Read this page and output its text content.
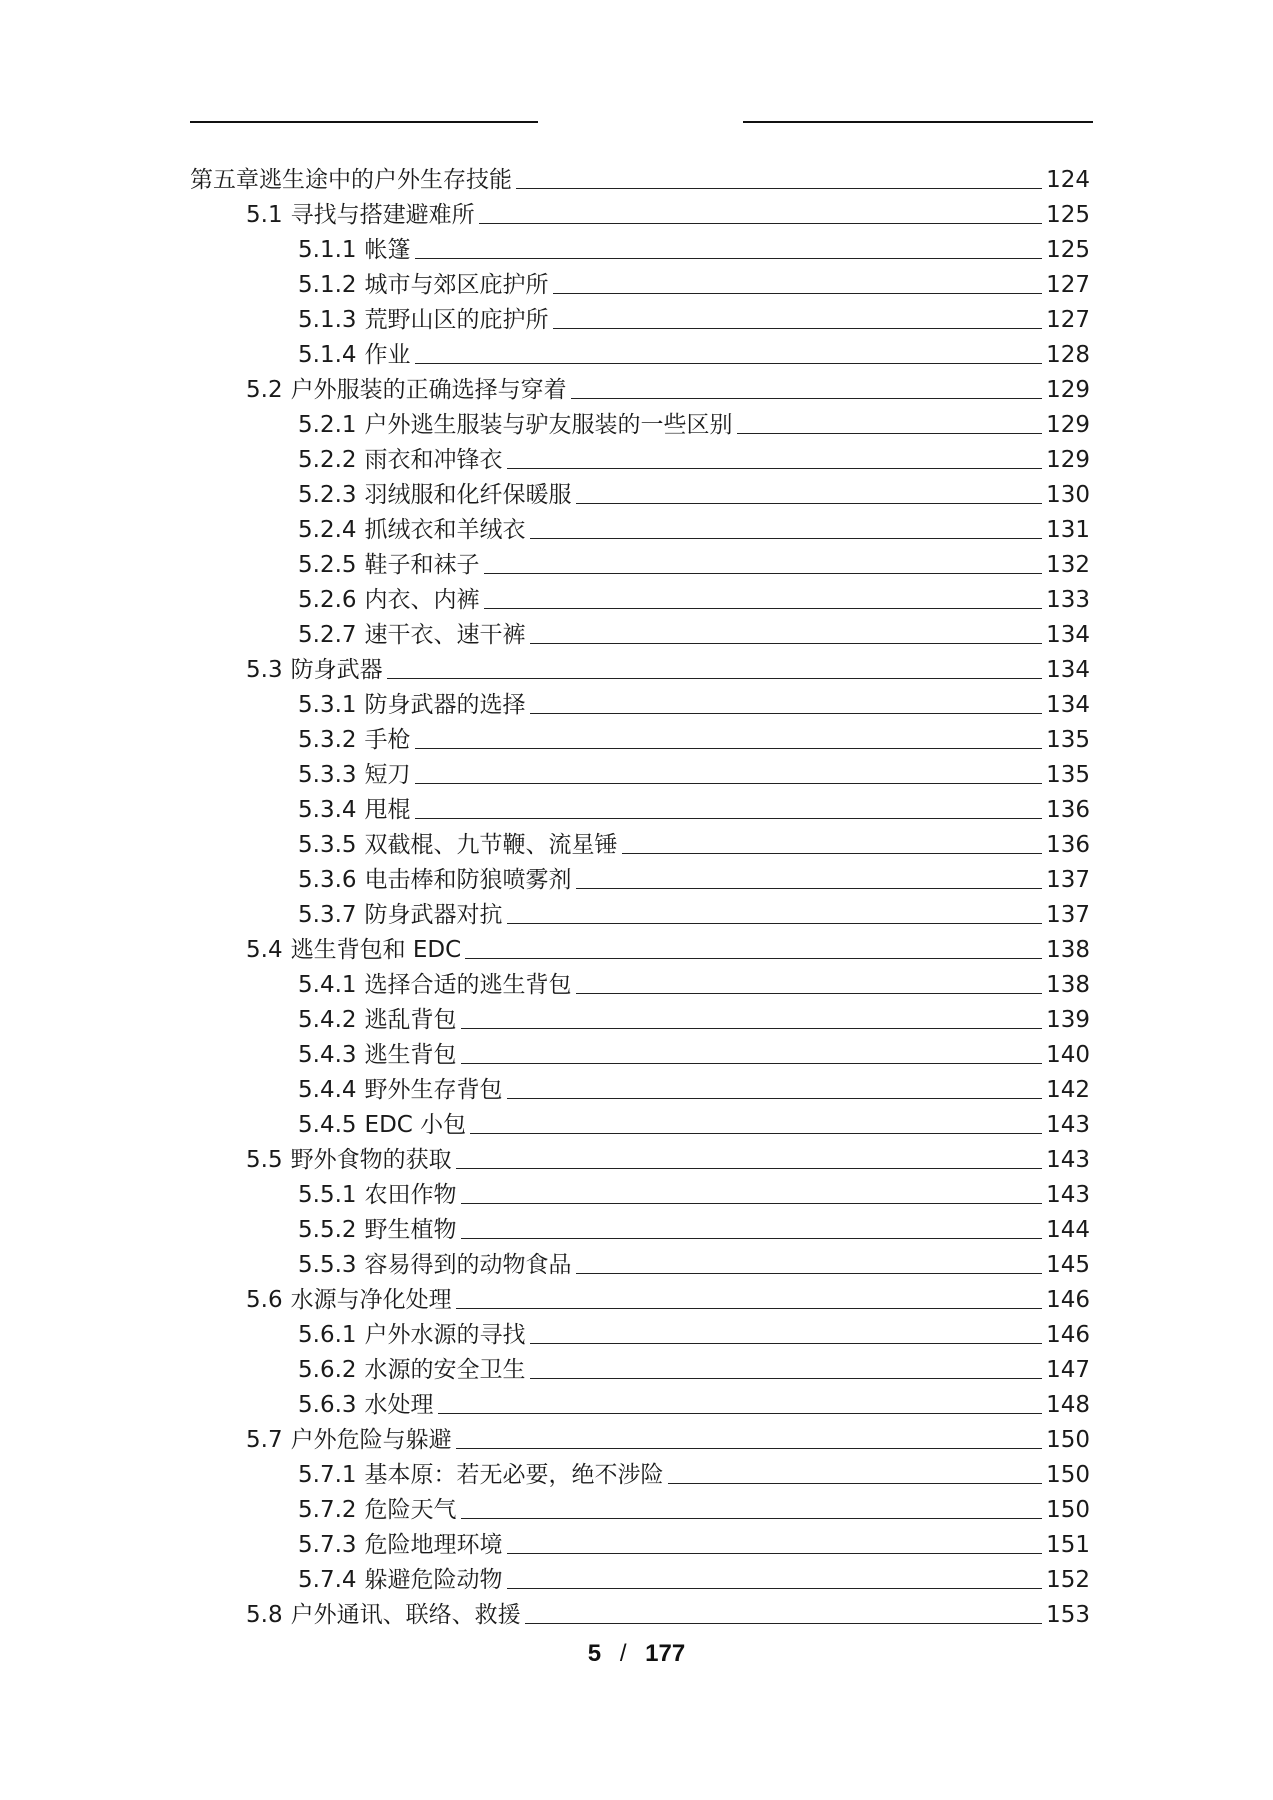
第五章逃生途中的户外生存技能	124
5.1 寻找与搭建避难所	125
5.1.1 帐篷	125
5.1.2 城市与郊区庇护所	127
5.1.3 荒野山区的庇护所	127
5.1.4 作业	128
5.2 户外服装的正确选择与穿着	129
5.2.1 户外逃生服装与驴友服装的一些区别	129
5.2.2 雨衣和冲锋衣	129
5.2.3 羽绒服和化纤保暖服	130
5.2.4 抓绒衣和羊绒衣	131
5.2.5 鞋子和袜子	132
5.2.6 内衣、内裤	133
5.2.7 速干衣、速干裤	134
5.3 防身武器	134
5.3.1 防身武器的选择	134
5.3.2 手枪	135
5.3.3 短刀	135
5.3.4 甩棍	136
5.3.5 双截棍、九节鞭、流星锤	136
5.3.6 电击棒和防狼喷雾剂	137
5.3.7 防身武器对抗	137
5.4 逃生背包和 EDC	138
5.4.1 选择合适的逃生背包	138
5.4.2 逃乱背包	139
5.4.3 逃生背包	140
5.4.4 野外生存背包	142
5.4.5 EDC 小包	143
5.5 野外食物的获取	143
5.5.1 农田作物	143
5.5.2 野生植物	144
5.5.3 容易得到的动物食品	145
5.6 水源与净化处理	146
5.6.1 户外水源的寻找	146
5.6.2 水源的安全卫生	147
5.6.3 水处理	148
5.7 户外危险与躲避	150
5.7.1 基本原：若无必要，绝不涉险	150
5.7.2 危险天气	150
5.7.3 危险地理环境	151
5.7.4 躲避危险动物	152
5.8 户外通讯、联络、救援	153
5 / 177
